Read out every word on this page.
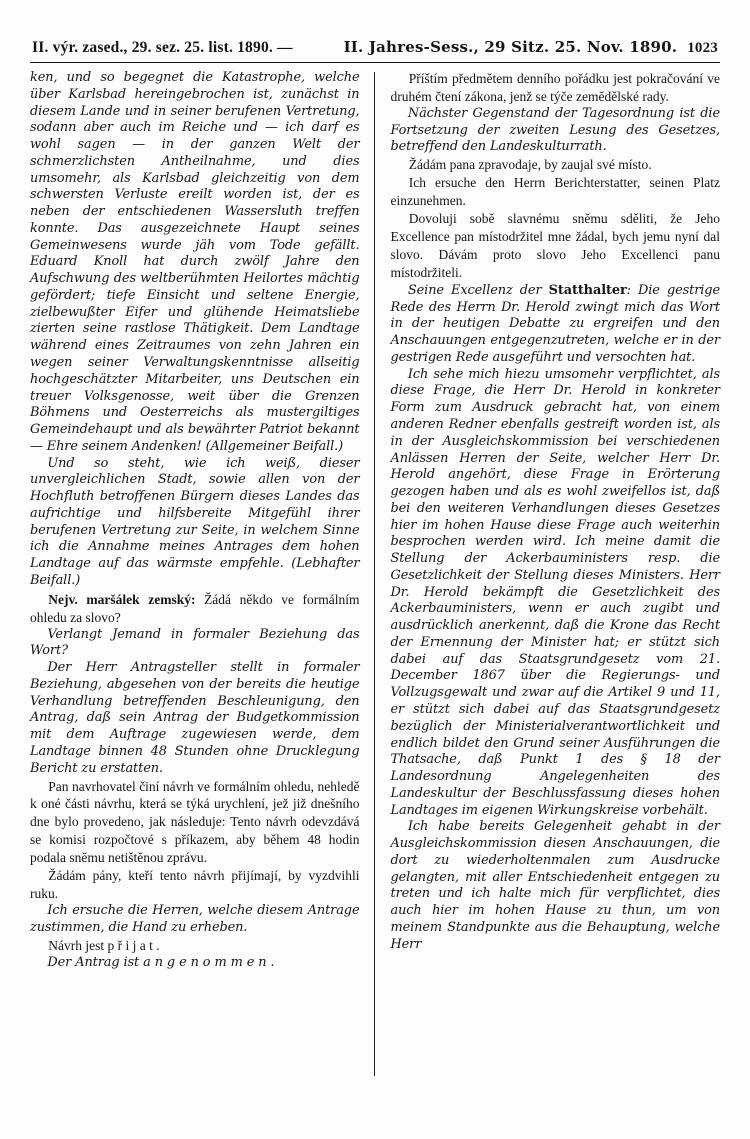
II. výr. zased., 29. sez. 25. list. 1890. —	II. Jahres-Sess., 29 Sitz. 25. Nov. 1890. 1023

ken, und so begegnet die Katastrophe, welche über Karlsbad hereingebrochen ist, zunächst in diesem Lande und in seiner berufenen Vertretung, sodann aber auch im Reiche und — ich darf es wohl sagen — in der ganzen Welt der schmerzlichsten Antheilnahme, und dies umsomehr, als Karlsbad gleichzeitig von dem schwersten Verluste ereilt worden ist, der es neben der entschiedenen Wassersluth treffen konnte. Das ausgezeichnete Haupt seines Gemeinwesens wurde jäh vom Tode gefällt. Eduard Knoll hat durch zwölf Jahre den Aufschwung des weltberühmten Heilortes mächtig gefördert; tiefe Einsicht und seltene Energie, zielbewußter Eifer und glühende Heimatsliebe zierten seine rastlose Thätigkeit. Dem Landtage während eines Zeitraumes von zehn Jahren ein wegen seiner Verwaltungskenntnisse allseitig hochgeschätzter Mitarbeiter, uns Deutschen ein treuer Volksgenosse, weit über die Grenzen Böhmens und Oesterreichs als mustergiltiges Gemeindehaupt und als bewährter Patriot bekannt — Ehre seinem Andenken! (Allgemeiner Beifall.)

Und so steht, wie ich weiß, dieser unvergleichlichen Stadt, sowie allen von der Hochfluth betroffenen Bürgern dieses Landes das aufrichtige und hilfsbereite Mitgefühl ihrer berufenen Vertretung zur Seite, in welchem Sinne ich die Annahme meines Antrages dem hohen Landtage auf das wärmste empfehle. (Lebhafter Beifall.)

Nejv. maršálek zemský: Žádá někdo ve formálním ohledu za slovo?

Verlangt Jemand in formaler Beziehung das Wort?

Der Herr Antragsteller stellt in formaler Beziehung, abgesehen von der bereits die heutige Verhandlung betreffenden Beschleunigung, den Antrag, daß sein Antrag der Budgetkommission mit dem Auftrage zugewiesen werde, dem Landtage binnen 48 Stunden ohne Drucklegung Bericht zu erstatten.

Pan navrhovatel činí návrh ve formálním ohledu, nehledě k oné části návrhu, která se týká urychlení, jež již dnešního dne bylo provedeno, jak následuje: Tento návrh odevzdává se komisi rozpočtové s příkazem, aby během 48 hodin podala sněmu netištěnou zprávu.

Žádám pány, kteří tento návrh přijímají, by vyzdvihli ruku.

Ich ersuche die Herren, welche diesem Antrage zustimmen, die Hand zu erheben.

Návrh jest p ř i j a t .

Der Antrag ist a n g e n o m m e n .

Příštím předmětem denního pořádku jest pokračování ve druhém čtení zákona, jenž se týče zemědělské rady.

Nächster Gegenstand der Tagesordnung ist die Fortsetzung der zweiten Lesung des Gesetzes, betreffend den Landeskulturrath.

Žádám pana zpravodaje, by zaujal své místo.

Ich ersuche den Herrn Berichterstatter, seinen Platz einzunehmen.

Dovoluji sobě slavnému sněmu sděliti, že Jeho Excellence pan místodržitel mne žádal, bych jemu nyní dal slovo. Dávám proto slovo Jeho Excellenci panu místodržiteli.

Seine Excellenz der Statthalter: Die gestrige Rede des Herrn Dr. Herold zwingt mich das Wort in der heutigen Debatte zu ergreifen und den Anschauungen entgegenzutreten, welche er in der gestrigen Rede ausgeführt und versochten hat.

Ich sehe mich hiezu umsomehr verpflichtet, als diese Frage, die Herr Dr. Herold in konkreter Form zum Ausdruck gebracht hat, von einem anderen Redner ebenfalls gestreift worden ist, als in der Ausgleichskommission bei verschiedenen Anlässen Herren der Seite, welcher Herr Dr. Herold angehört, diese Frage in Erörterung gezogen haben und als es wohl zweifellos ist, daß bei den weiteren Verhandlungen dieses Gesetzes hier im hohen Hause diese Frage auch weiterhin besprochen werden wird. Ich meine damit die Stellung der Ackerbauministers resp. die Gesetzlichkeit der Stellung dieses Ministers. Herr Dr. Herold bekämpft die Gesetzlichkeit des Ackerbauministers, wenn er auch zugibt und ausdrücklich anerkennt, daß die Krone das Recht der Ernennung der Minister hat; er stützt sich dabei auf das Staatsgrundgesetz vom 21. December 1867 über die Regierungs- und Vollzugsgewalt und zwar auf die Artikel 9 und 11, er stützt sich dabei auf das Staatsgrundgesetz bezüglich der Ministerialverantwortlichkeit und endlich bildet den Grund seiner Ausführungen die Thatsache, daß Punkt 1 des § 18 der Landesordnung Angelegenheiten des Landeskultur der Beschlussfassung dieses hohen Landtages im eigenen Wirkungskreise vorbehält.

Ich habe bereits Gelegenheit gehabt in der Ausgleichskommission diesen Anschauungen, die dort zu wiederholtenmalen zum Ausdrucke gelangten, mit aller Entschiedenheit entgegen zu treten und ich halte mich für verpflichtet, dies auch hier im hohen Hause zu thun, um von meinem Standpunkte aus die Behauptung, welche Herr
